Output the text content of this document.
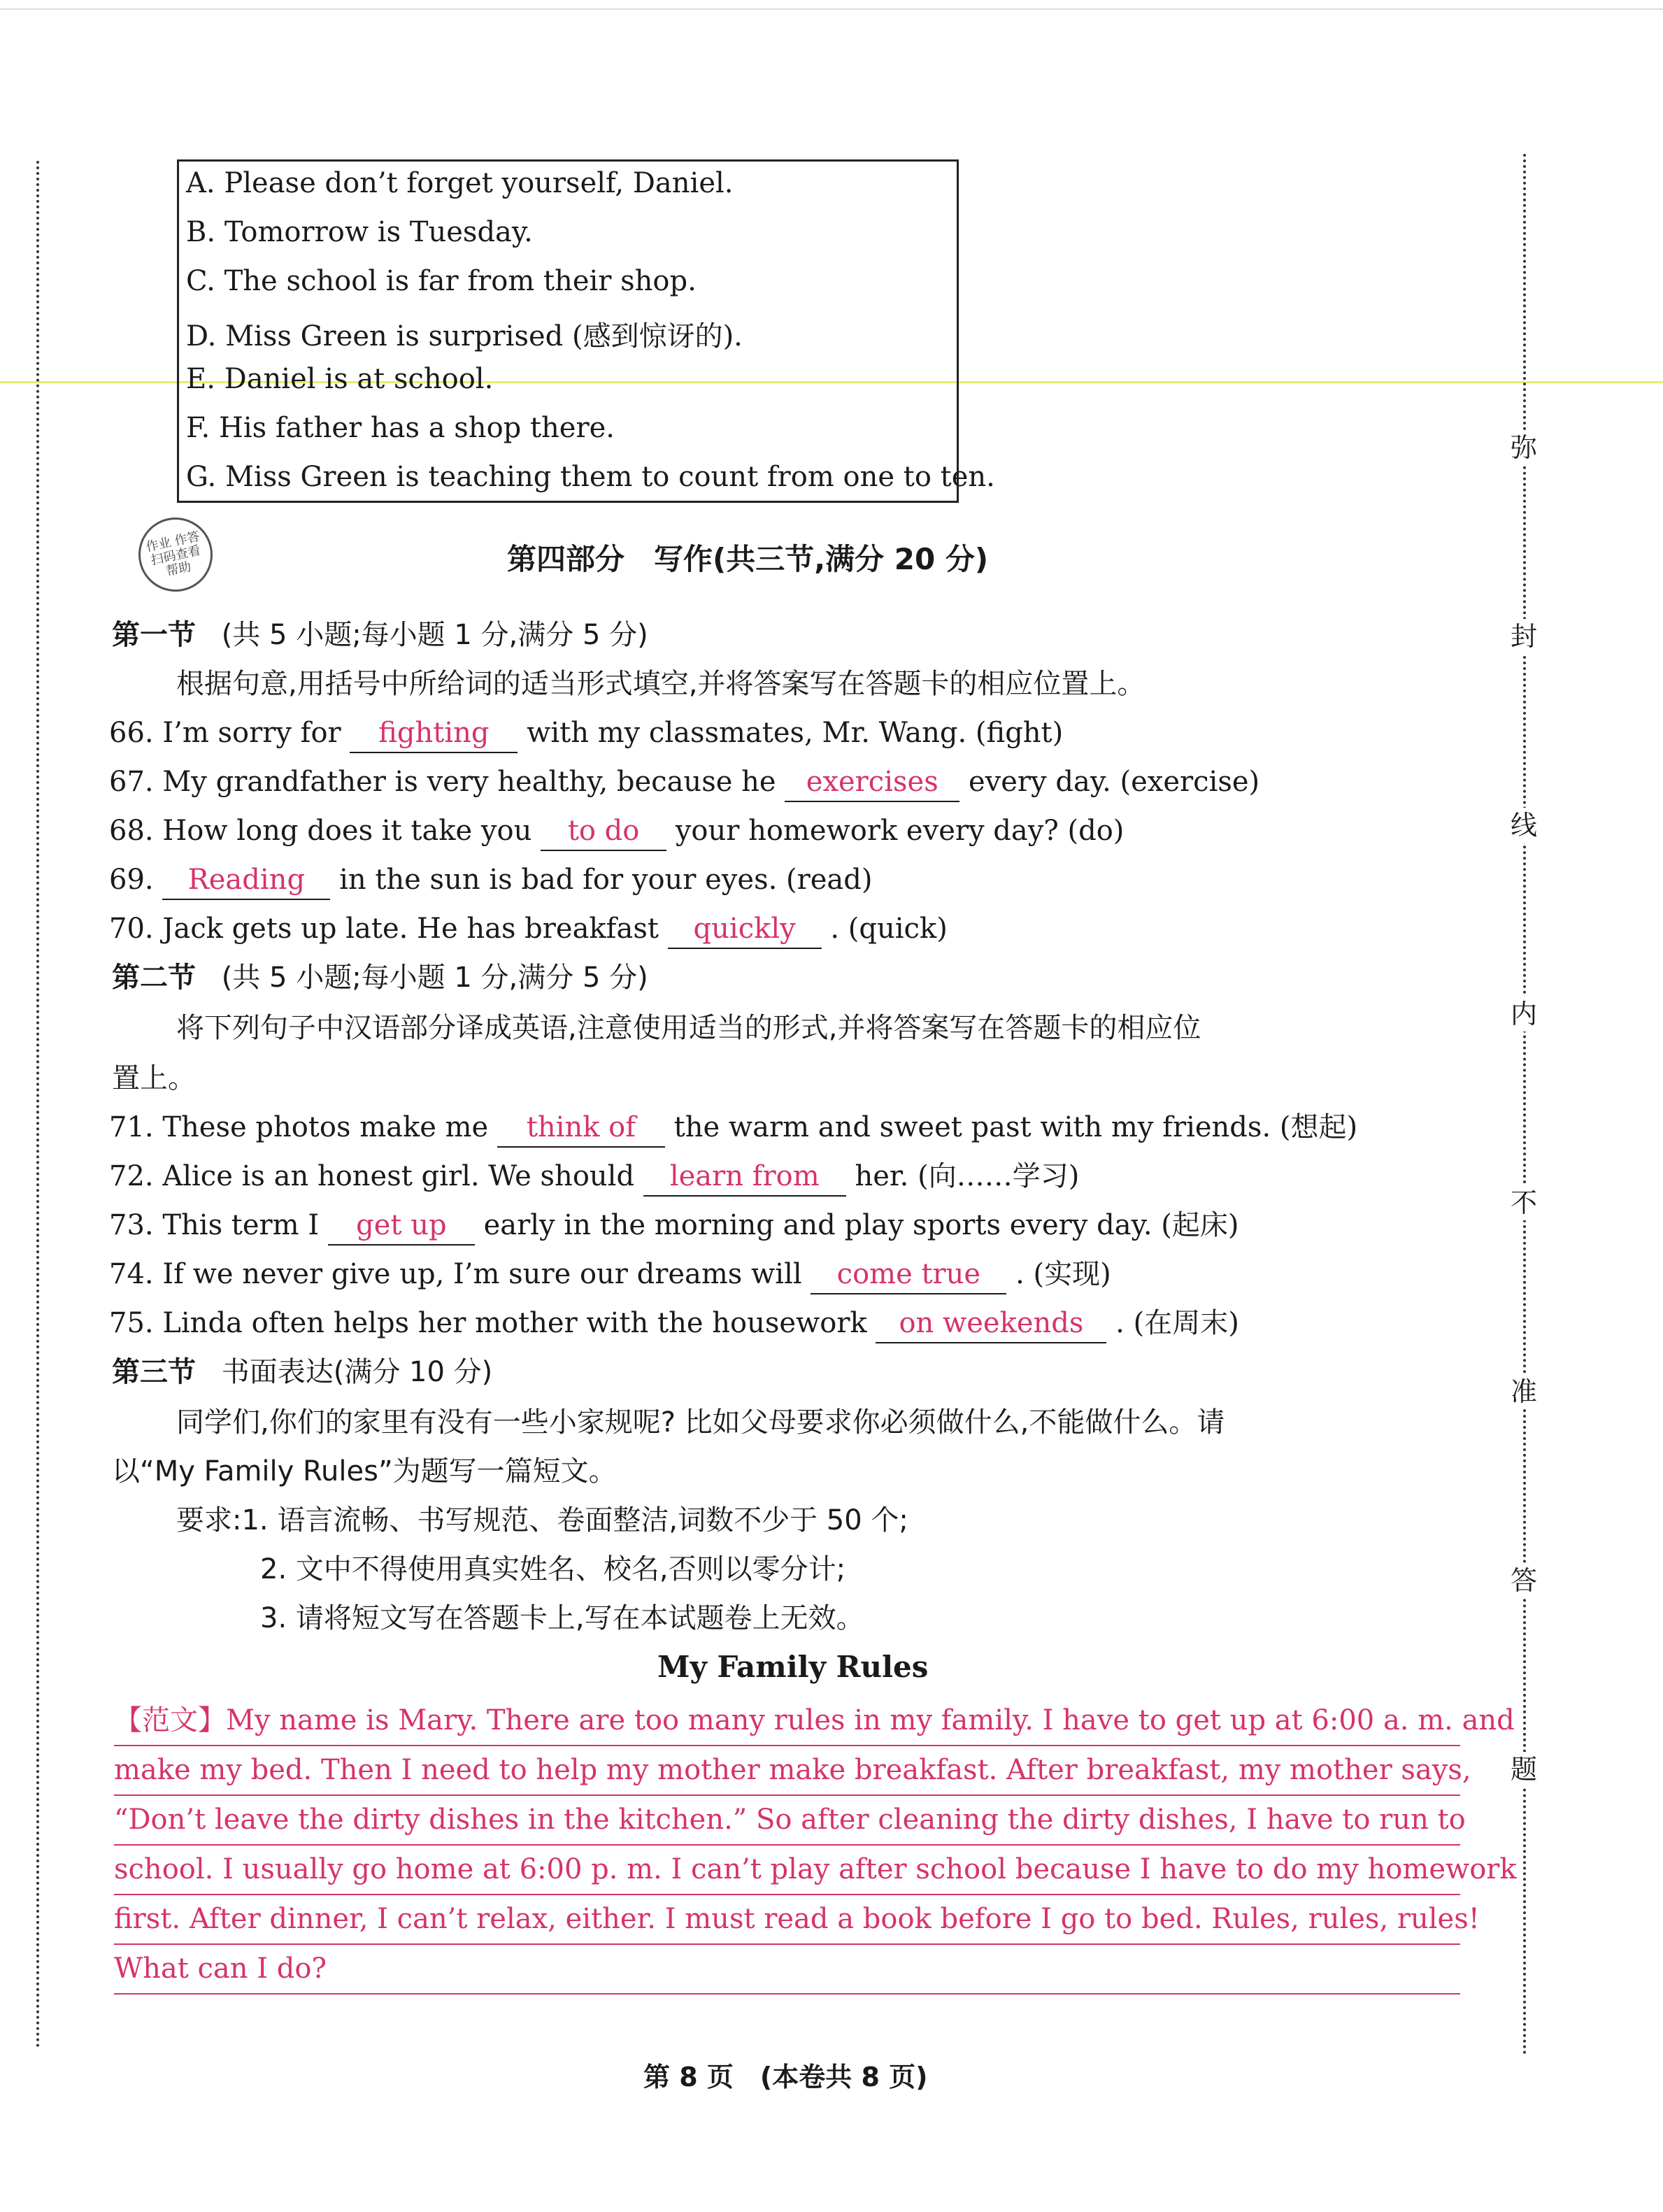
弥
封
线
内
不
准
答
题
A. Please don’t forget yourself, Daniel.
B. Tomorrow is Tuesday.
C. The school is far from their shop.
D. Miss Green is surprised (感到惊讶的).
E. Daniel is at school.
F. His father has a shop there.
G. Miss Green is teaching them to count from one to ten.
作业 作答扫码查看 帮助	第四部分　写作(共三节,满分 20 分)
第一节 (共 5 小题;每小题 1 分,满分 5 分)
根据句意,用括号中所给词的适当形式填空,并将答案写在答题卡的相应位置上。
66. I’m sorry for fighting with my classmates, Mr. Wang. (fight)
67. My grandfather is very healthy, because he exercises every day. (exercise)
68. How long does it take you to do your homework every day? (do)
69. Reading in the sun is bad for your eyes. (read)
70. Jack gets up late. He has breakfast quickly . (quick)
第二节 (共 5 小题;每小题 1 分,满分 5 分)
将下列句子中汉语部分译成英语,注意使用适当的形式,并将答案写在答题卡的相应位
置上。
71. These photos make me think of the warm and sweet past with my friends. (想起)
72. Alice is an honest girl. We should learn from her. (向……学习)
73. This term I get up early in the morning and play sports every day. (起床)
74. If we never give up, I’m sure our dreams will come true . (实现)
75. Linda often helps her mother with the housework on weekends . (在周末)
第三节 书面表达(满分 10 分)
同学们,你们的家里有没有一些小家规呢? 比如父母要求你必须做什么,不能做什么。请
以“My Family Rules”为题写一篇短文。
要求:1. 语言流畅、书写规范、卷面整洁,词数不少于 50 个;
2. 文中不得使用真实姓名、校名,否则以零分计;
3. 请将短文写在答题卡上,写在本试题卷上无效。
My Family Rules
【范文】My name is Mary. There are too many rules in my family. I have to get up at 6:00 a. m. and
make my bed. Then I need to help my mother make breakfast. After breakfast, my mother says,
“Don’t leave the dirty dishes in the kitchen.” So after cleaning the dirty dishes, I have to run to
school. I usually go home at 6:00 p. m. I can’t play after school because I have to do my homework
first. After dinner, I can’t relax, either. I must read a book before I go to bed. Rules, rules, rules!
What can I do?
第 8 页　(本卷共 8 页)
